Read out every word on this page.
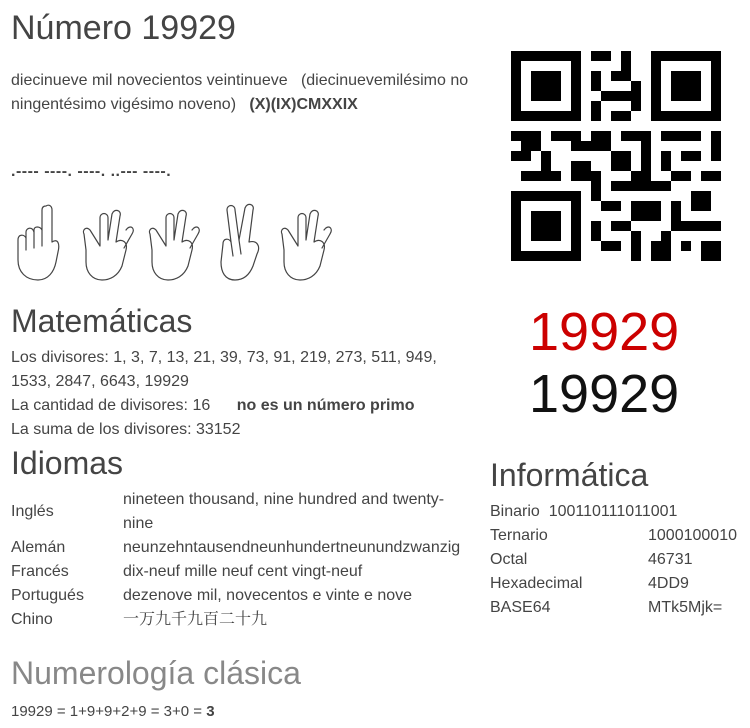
Número 19929
diecinueve mil novecientos veintinueve (diecinuevemilésimo no ningentésimo vigésimo noveno) (X)(IX)CMXXIX
.---- ----. ----. ..--- ----.
19929
19929
Matemáticas
Los divisores: 1, 3, 7, 13, 21, 39, 73, 91, 219, 273, 511, 949, 1533, 2847, 6643, 19929
La cantidad de divisores: 16 no es un número primo
La suma de los divisores: 33152
Idiomas
Inglés	nineteen thousand, nine hundred and twenty-nine
Alemán	neunzehntausendneunhundertneunundzwanzig
Francés	dix-neuf mille neuf cent vingt-neuf
Portugués	dezenove mil, novecentos e vinte e nove
Chino	一万九千九百二十九
Informática
Binario 100110111011001
Ternario	1000100010
Octal	46731
Hexadecimal	4DD9
BASE64	MTk5Mjk=
Numerología clásica
19929 = 1+9+9+2+9 = 3+0 = 3
